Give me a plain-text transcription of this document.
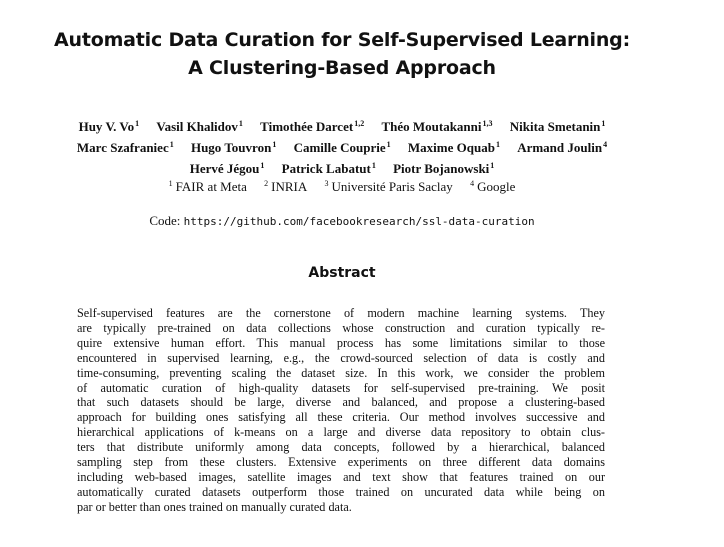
Automatic Data Curation for Self-Supervised Learning:
A Clustering-Based Approach
Huy V. Vo$^1$ Vasil Khalidov$^1$ Timothée Darcet$^{1,2}$ Théo Moutakanni$^{1,3}$ Nikita Smetanin$^1$
Marc Szafraniec$^1$ Hugo Touvron$^1$ Camille Couprie$^1$ Maxime Oquab$^1$ Armand Joulin$^4$
Hervé Jégou$^1$ Patrick Labatut$^1$ Piotr Bojanowski$^1$
$^1$ FAIR at Meta $^2$ INRIA $^3$ Université Paris Saclay $^4$ Google
Code: https://github.com/facebookresearch/ssl-data-curation
Abstract
Self-supervised features are the cornerstone of modern machine learning systems. They
are typically pre-trained on data collections whose construction and curation typically re-
quire extensive human effort. This manual process has some limitations similar to those
encountered in supervised learning, e.g., the crowd-sourced selection of data is costly and
time-consuming, preventing scaling the dataset size. In this work, we consider the problem
of automatic curation of high-quality datasets for self-supervised pre-training. We posit
that such datasets should be large, diverse and balanced, and propose a clustering-based
approach for building ones satisfying all these criteria. Our method involves successive and
hierarchical applications of k-means on a large and diverse data repository to obtain clus-
ters that distribute uniformly among data concepts, followed by a hierarchical, balanced
sampling step from these clusters. Extensive experiments on three different data domains
including web-based images, satellite images and text show that features trained on our
automatically curated datasets outperform those trained on uncurated data while being on
par or better than ones trained on manually curated data.
